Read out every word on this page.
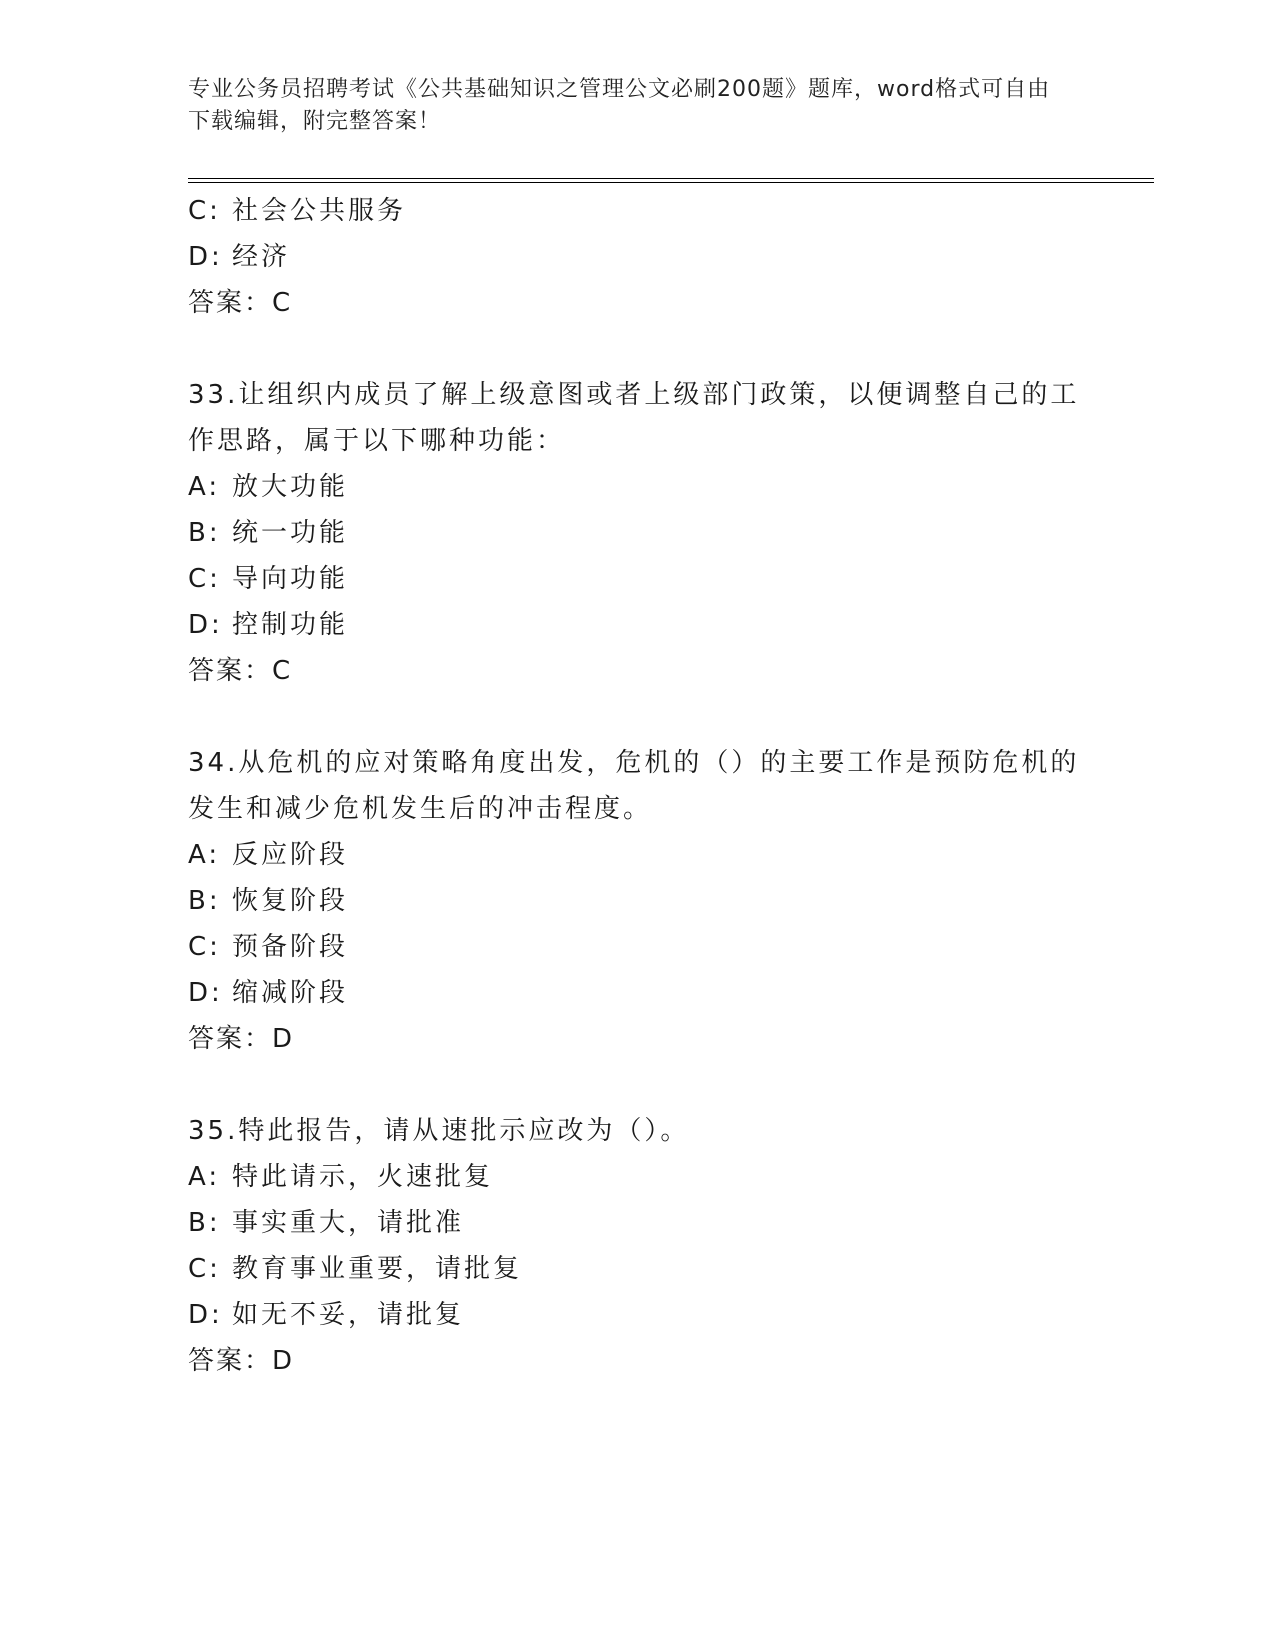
专业公务员招聘考试《公共基础知识之管理公文必刷200题》题库，word格式可自由下载编辑，附完整答案！
C: 社会公共服务
D: 经济
答案：C
33.让组织内成员了解上级意图或者上级部门政策，以便调整自己的工
作思路，属于以下哪种功能：
A: 放大功能
B: 统一功能
C: 导向功能
D: 控制功能
答案：C
34.从危机的应对策略角度出发，危机的（）的主要工作是预防危机的
发生和减少危机发生后的冲击程度。
A: 反应阶段
B: 恢复阶段
C: 预备阶段
D: 缩减阶段
答案：D
35.特此报告，请从速批示应改为（）。
A: 特此请示，火速批复
B: 事实重大，请批准
C: 教育事业重要，请批复
D: 如无不妥，请批复
答案：D
